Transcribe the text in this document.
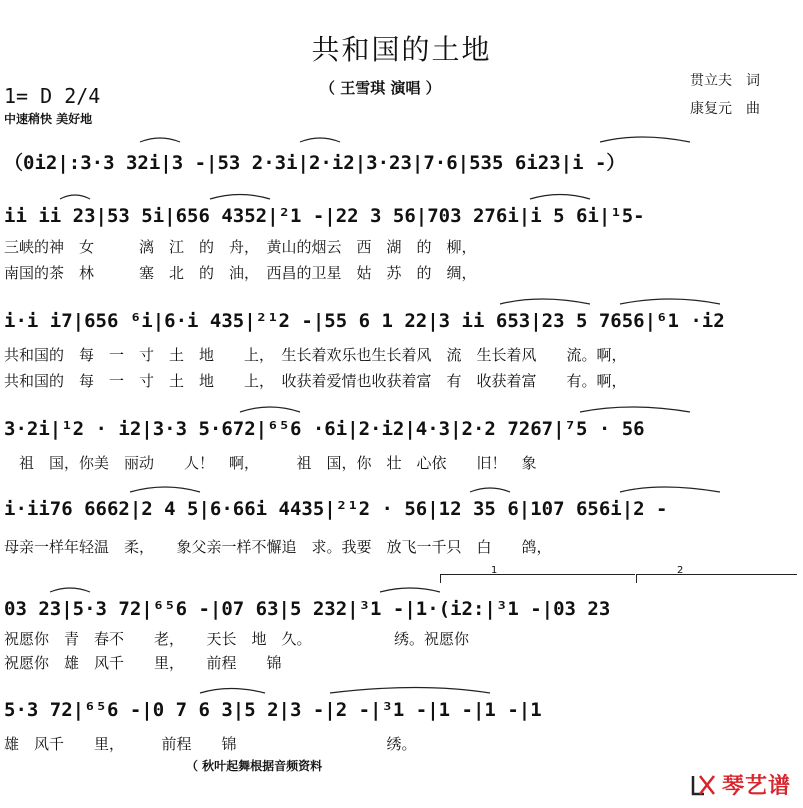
共和国的土地
（ 王雪琪 演唱 ）
1= D 2/4
中速稍快 美好地
贯立夫　词
康复元　曲
（0i2|:3·3 32i|3 -|53 2·3i|2·i2|3·23|7·6|535 6i23|i -）
ii ii 23|53 5i|656 4352|²1 -|22 3 56|703 276i|i 5 6i|¹5-
三峡的神　女　　　漓　江　的　舟，　黄山的烟云　西　湖　的　柳，
南国的茶　林　　　塞　北　的　油，　西昌的卫星　姑　苏　的　绸，
i·i i7|656 ⁶i|6·i 435|²¹2 -|55 6 1 22|3 ii 653|23 5 7656|⁶1 ·i2
共和国的　每　一　寸　土　地　　上，　生长着欢乐也生长着风　流　生长着风　　流。啊，
共和国的　每　一　寸　土　地　　上，　收获着爱情也收获着富　有　收获着富　　有。啊，
3·2i|¹2 · i2|3·3 5·672|⁶⁵6 ·6i|2·i2|4·3|2·2 7267|⁷5 · 56
　祖　国，你美　丽动　　人！　啊，　　　祖　国，你　壮　心依　　旧！　象
i·ii76 6662|2 4 5|6·66i 4435|²¹2 · 56|12 35 6|107 656i|2 -
母亲一样年轻温　柔，　　象父亲一样不懈追　求。我要　放飞一千只　白　　鸽，
1	2
03 23|5·3 72|⁶⁵6 -|07 63|5 232|³1 -|1·(i2:|³1 -|03 23
祝愿你　青　春不　　老，　　天长　地　久。　　　　　　绣。祝愿你
祝愿你　雄　风千　　里，　　前程　　锦
5·3 72|⁶⁵6 -|0 7 6 3|5 2|3 -|2 -|³1 -|1 -|1 -|1
雄　风千　　里，　　　前程　　锦　　　　　　　　　　绣。
（ 秋叶起舞根据音频资料
琴艺谱
